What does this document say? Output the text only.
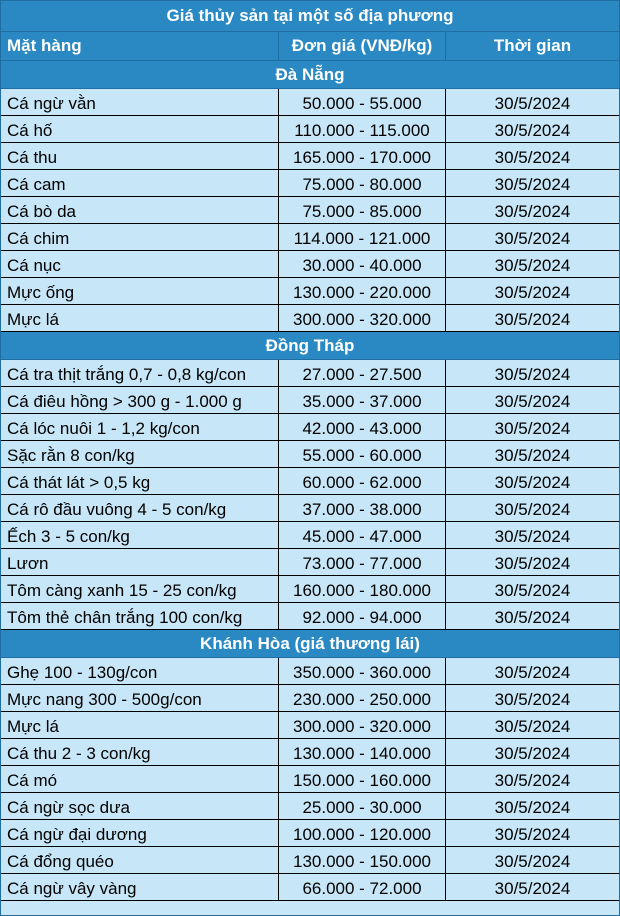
Giá thủy sản tại một số địa phương
Mặt hàng	Đơn giá (VNĐ/kg)	Thời gian
Đà Nẵng
Cá ngừ vằn	50.000 - 55.000	30/5/2024
Cá hố	110.000 - 115.000	30/5/2024
Cá thu	165.000 - 170.000	30/5/2024
Cá cam	75.000 - 80.000	30/5/2024
Cá bò da	75.000 - 85.000	30/5/2024
Cá chim	114.000 - 121.000	30/5/2024
Cá nục	30.000 - 40.000	30/5/2024
Mực ống	130.000 - 220.000	30/5/2024
Mực lá	300.000 - 320.000	30/5/2024
Đồng Tháp
Cá tra thịt trắng 0,7 - 0,8 kg/con	27.000 - 27.500	30/5/2024
Cá điêu hồng > 300 g - 1.000 g	35.000 - 37.000	30/5/2024
Cá lóc nuôi 1 - 1,2 kg/con	42.000 - 43.000	30/5/2024
Sặc rằn 8 con/kg	55.000 - 60.000	30/5/2024
Cá thát lát > 0,5 kg	60.000 - 62.000	30/5/2024
Cá rô đầu vuông 4 - 5 con/kg	37.000 - 38.000	30/5/2024
Ếch 3 - 5 con/kg	45.000 - 47.000	30/5/2024
Lươn	73.000 - 77.000	30/5/2024
Tôm càng xanh 15 - 25 con/kg	160.000 - 180.000	30/5/2024
Tôm thẻ chân trắng 100 con/kg	92.000 - 94.000	30/5/2024
Khánh Hòa (giá thương lái)
Ghẹ 100 - 130g/con	350.000 - 360.000	30/5/2024
Mực nang 300 - 500g/con	230.000 - 250.000	30/5/2024
Mực lá	300.000 - 320.000	30/5/2024
Cá thu 2 - 3 con/kg	130.000 - 140.000	30/5/2024
Cá mó	150.000 - 160.000	30/5/2024
Cá ngừ sọc dưa	25.000 - 30.000	30/5/2024
Cá ngừ đại dương	100.000 - 120.000	30/5/2024
Cá đổng quéo	130.000 - 150.000	30/5/2024
Cá ngừ vây vàng	66.000 - 72.000	30/5/2024
